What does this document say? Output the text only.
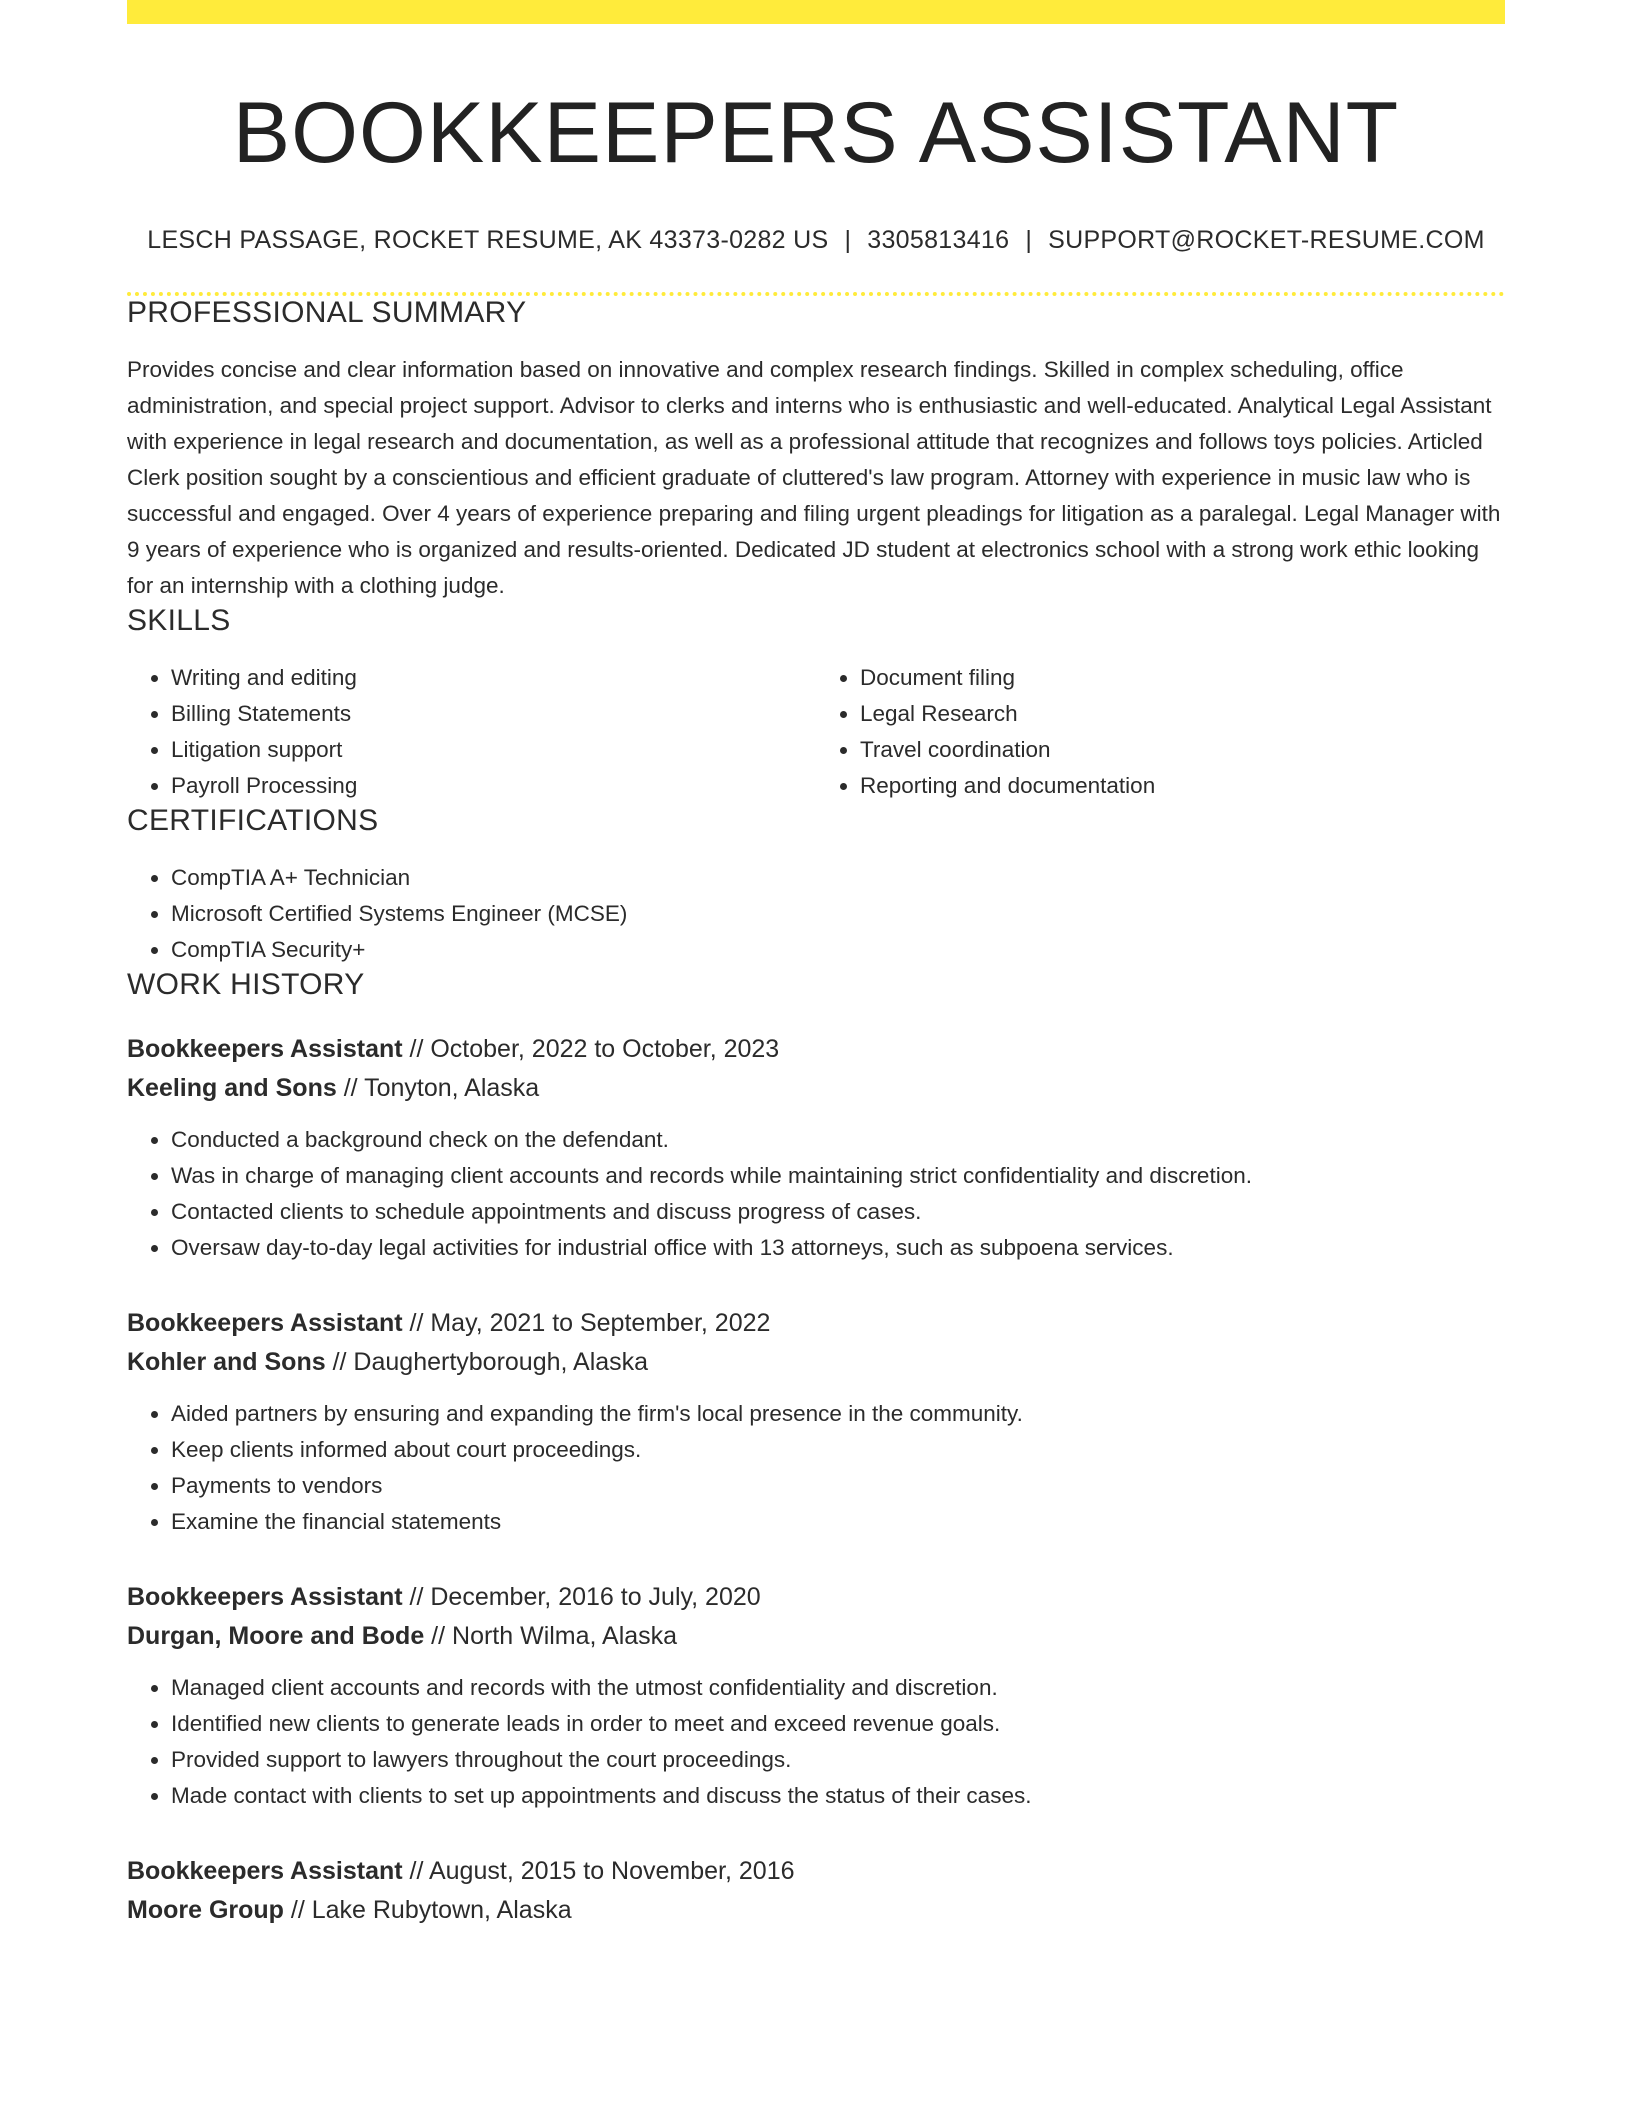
BOOKKEEPERS ASSISTANT
LESCH PASSAGE, ROCKET RESUME, AK 43373-0282 US | 3305813416 | SUPPORT@ROCKET-RESUME.COM
PROFESSIONAL SUMMARY

Provides concise and clear information based on innovative and complex research findings. Skilled in complex scheduling, office administration, and special project support. Advisor to clerks and interns who is enthusiastic and well-educated. Analytical Legal Assistant with experience in legal research and documentation, as well as a professional attitude that recognizes and follows toys policies. Articled Clerk position sought by a conscientious and efficient graduate of cluttered's law program. Attorney with experience in music law who is successful and engaged. Over 4 years of experience preparing and filing urgent pleadings for litigation as a paralegal. Legal Manager with 9 years of experience who is organized and results-oriented. Dedicated JD student at electronics school with a strong work ethic looking for an internship with a clothing judge.

SKILLS
• Writing and editing
• Billing Statements
• Litigation support
• Payroll Processing
• Document filing
• Legal Research
• Travel coordination
• Reporting and documentation
CERTIFICATIONS
• CompTIA A+ Technician
• Microsoft Certified Systems Engineer (MCSE)
• CompTIA Security+
WORK HISTORY
Bookkeepers Assistant // October, 2022 to October, 2023
Keeling and Sons // Tonyton, Alaska
• Conducted a background check on the defendant.
• Was in charge of managing client accounts and records while maintaining strict confidentiality and discretion.
• Contacted clients to schedule appointments and discuss progress of cases.
• Oversaw day-to-day legal activities for industrial office with 13 attorneys, such as subpoena services.
Bookkeepers Assistant // May, 2021 to September, 2022
Kohler and Sons // Daughertyborough, Alaska
• Aided partners by ensuring and expanding the firm's local presence in the community.
• Keep clients informed about court proceedings.
• Payments to vendors
• Examine the financial statements
Bookkeepers Assistant // December, 2016 to July, 2020
Durgan, Moore and Bode // North Wilma, Alaska
• Managed client accounts and records with the utmost confidentiality and discretion.
• Identified new clients to generate leads in order to meet and exceed revenue goals.
• Provided support to lawyers throughout the court proceedings.
• Made contact with clients to set up appointments and discuss the status of their cases.
Bookkeepers Assistant // August, 2015 to November, 2016
Moore Group // Lake Rubytown, Alaska
